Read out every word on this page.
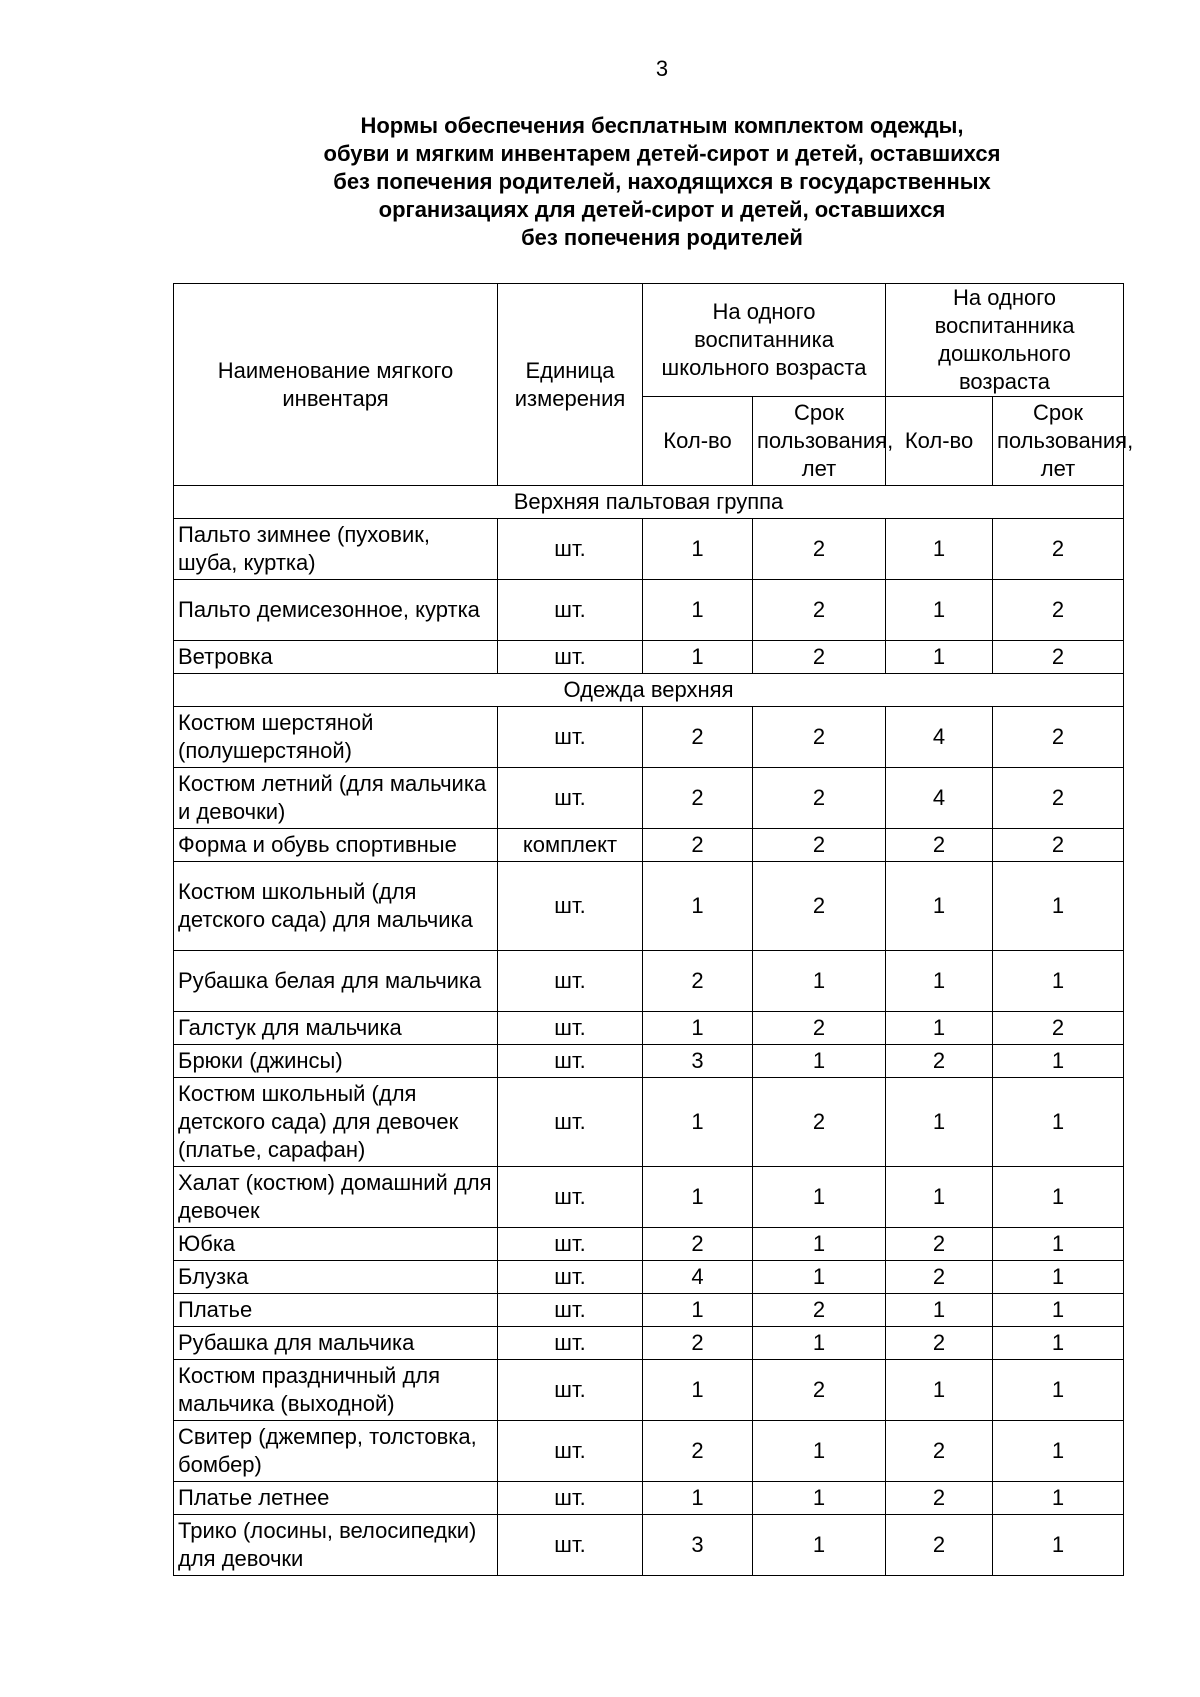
3
Нормы обеспечения бесплатным комплектом одежды,
обуви и мягким инвентарем детей-сирот и детей, оставшихся
без попечения родителей, находящихся в государственных
организациях для детей-сирот и детей, оставшихся
без попечения родителей
Наименование мягкого инвентаря	Единица измерения	На одного воспитанника школьного возраста		На одного воспитанника дошкольного возраста	
		Кол-во	Срок пользования, лет	Кол-во	Срок пользования, лет
Верхняя пальтовая группа					
Пальто зимнее (пуховик, шуба, куртка)	шт.	1	2	1	2
Пальто демисезонное, куртка	шт.	1	2	1	2
Ветровка	шт.	1	2	1	2
Одежда верхняя					
Костюм шерстяной (полушерстяной)	шт.	2	2	4	2
Костюм летний (для мальчика и девочки)	шт.	2	2	4	2
Форма и обувь спортивные	комплект	2	2	2	2
Костюм школьный (для детского сада) для мальчика	шт.	1	2	1	1
Рубашка белая для мальчика	шт.	2	1	1	1
Галстук для мальчика	шт.	1	2	1	2
Брюки (джинсы)	шт.	3	1	2	1
Костюм школьный (для детского сада) для девочек (платье, сарафан)	шт.	1	2	1	1
Халат (костюм) домашний для девочек	шт.	1	1	1	1
Юбка	шт.	2	1	2	1
Блузка	шт.	4	1	2	1
Платье	шт.	1	2	1	1
Рубашка для мальчика	шт.	2	1	2	1
Костюм праздничный для мальчика (выходной)	шт.	1	2	1	1
Свитер (джемпер, толстовка, бомбер)	шт.	2	1	2	1
Платье летнее	шт.	1	1	2	1
Трико (лосины, велосипедки) для девочки	шт.	3	1	2	1
